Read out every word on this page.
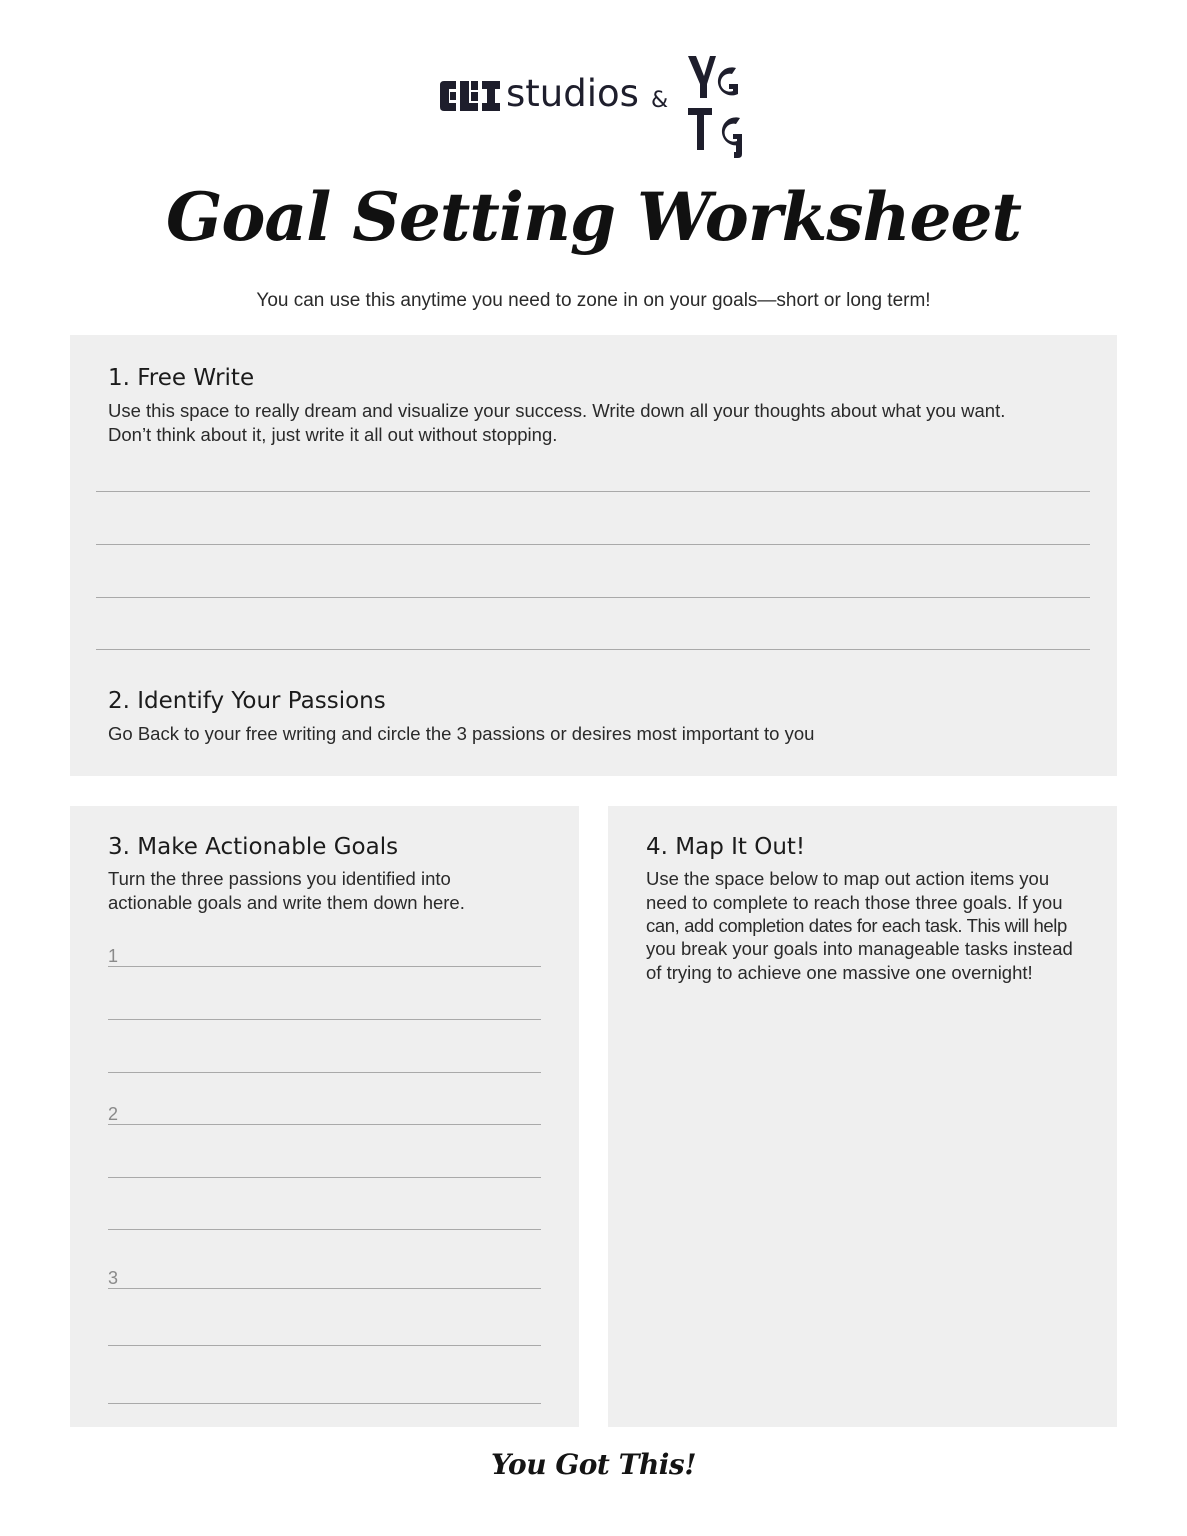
studios &
Goal Setting Worksheet
You can use this anytime you need to zone in on your goals—short or long term!
1. Free Write

Use this space to really dream and visualize your success. Write down all your thoughts about what you want.

Don’t think about it, just write it all out without stopping.

2. Identify Your Passions

Go Back to your free writing and circle the 3 passions or desires most important to you

3. Make Actionable Goals

Turn the three passions you identified into

actionable goals and write them down here.

1
2
3
4. Map It Out!

Use the space below to map out action items you

need to complete to reach those three goals. If you

can, add completion dates for each task. This will help

you break your goals into manageable tasks instead

of trying to achieve one massive one overnight!

You Got This!
